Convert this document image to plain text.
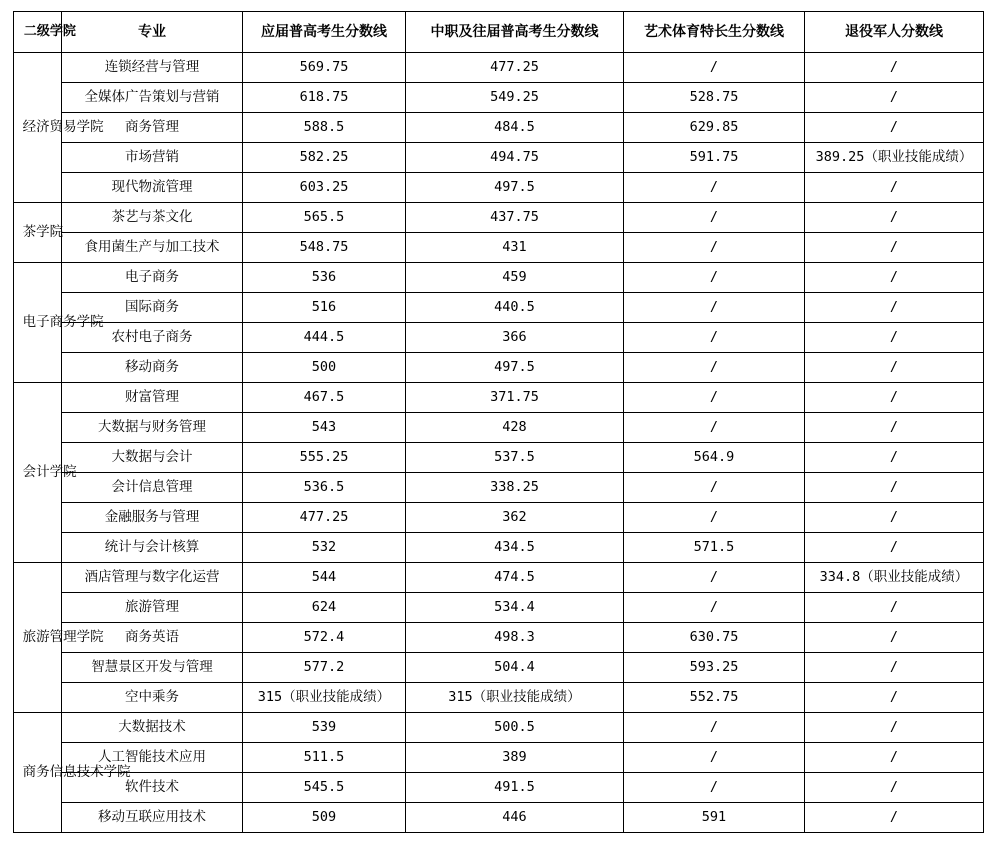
二级学院	专业	应届普高考生分数线	中职及往届普高考生分数线	艺术体育特长生分数线	退役军人分数线
经济贸易学院	连锁经营与管理	569.75	477.25	/	/
	全媒体广告策划与营销	618.75	549.25	528.75	/
	商务管理	588.5	484.5	629.85	/
	市场营销	582.25	494.75	591.75	389.25（职业技能成绩）
	现代物流管理	603.25	497.5	/	/
茶学院	茶艺与茶文化	565.5	437.75	/	/
	食用菌生产与加工技术	548.75	431	/	/
电子商务学院	电子商务	536	459	/	/
	国际商务	516	440.5	/	/
	农村电子商务	444.5	366	/	/
	移动商务	500	497.5	/	/
会计学院	财富管理	467.5	371.75	/	/
	大数据与财务管理	543	428	/	/
	大数据与会计	555.25	537.5	564.9	/
	会计信息管理	536.5	338.25	/	/
	金融服务与管理	477.25	362	/	/
	统计与会计核算	532	434.5	571.5	/
旅游管理学院	酒店管理与数字化运营	544	474.5	/	334.8（职业技能成绩）
	旅游管理	624	534.4	/	/
	商务英语	572.4	498.3	630.75	/
	智慧景区开发与管理	577.2	504.4	593.25	/
	空中乘务	315（职业技能成绩）	315（职业技能成绩）	552.75	/
商务信息技术学院	大数据技术	539	500.5	/	/
	人工智能技术应用	511.5	389	/	/
	软件技术	545.5	491.5	/	/
	移动互联应用技术	509	446	591	/
